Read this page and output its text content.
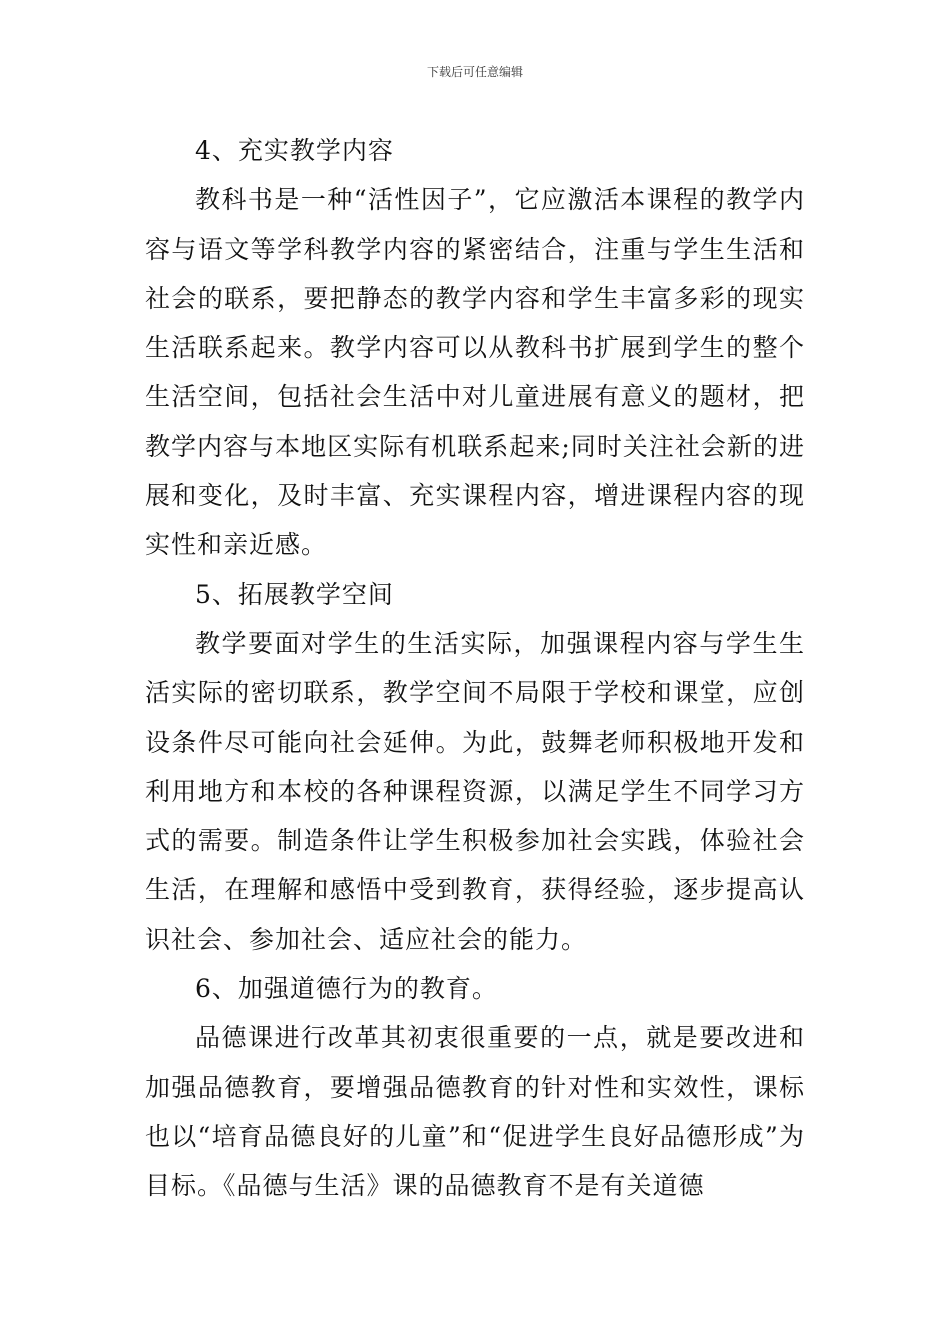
下载后可任意编辑

4、充实教学内容

教科书是一种“活性因子”，它应激活本课程的教学内容与语文等学科教学内容的紧密结合，注重与学生生活和社会的联系，要把静态的教学内容和学生丰富多彩的现实生活联系起来。教学内容可以从教科书扩展到学生的整个生活空间，包括社会生活中对儿童进展有意义的题材，把教学内容与本地区实际有机联系起来;同时关注社会新的进展和变化，及时丰富、充实课程内容，增进课程内容的现实性和亲近感。

5、拓展教学空间

教学要面对学生的生活实际，加强课程内容与学生生活实际的密切联系，教学空间不局限于学校和课堂，应创设条件尽可能向社会延伸。为此，鼓舞老师积极地开发和利用地方和本校的各种课程资源，以满足学生不同学习方式的需要。制造条件让学生积极参加社会实践，体验社会生活，在理解和感悟中受到教育，获得经验，逐步提高认识社会、参加社会、适应社会的能力。

6、加强道德行为的教育。

品德课进行改革其初衷很重要的一点，就是要改进和加强品德教育，要增强品德教育的针对性和实效性，课标也以“培育品德良好的儿童”和“促进学生良好品德形成”为目标。《品德与生活》课的品德教育不是有关道德
